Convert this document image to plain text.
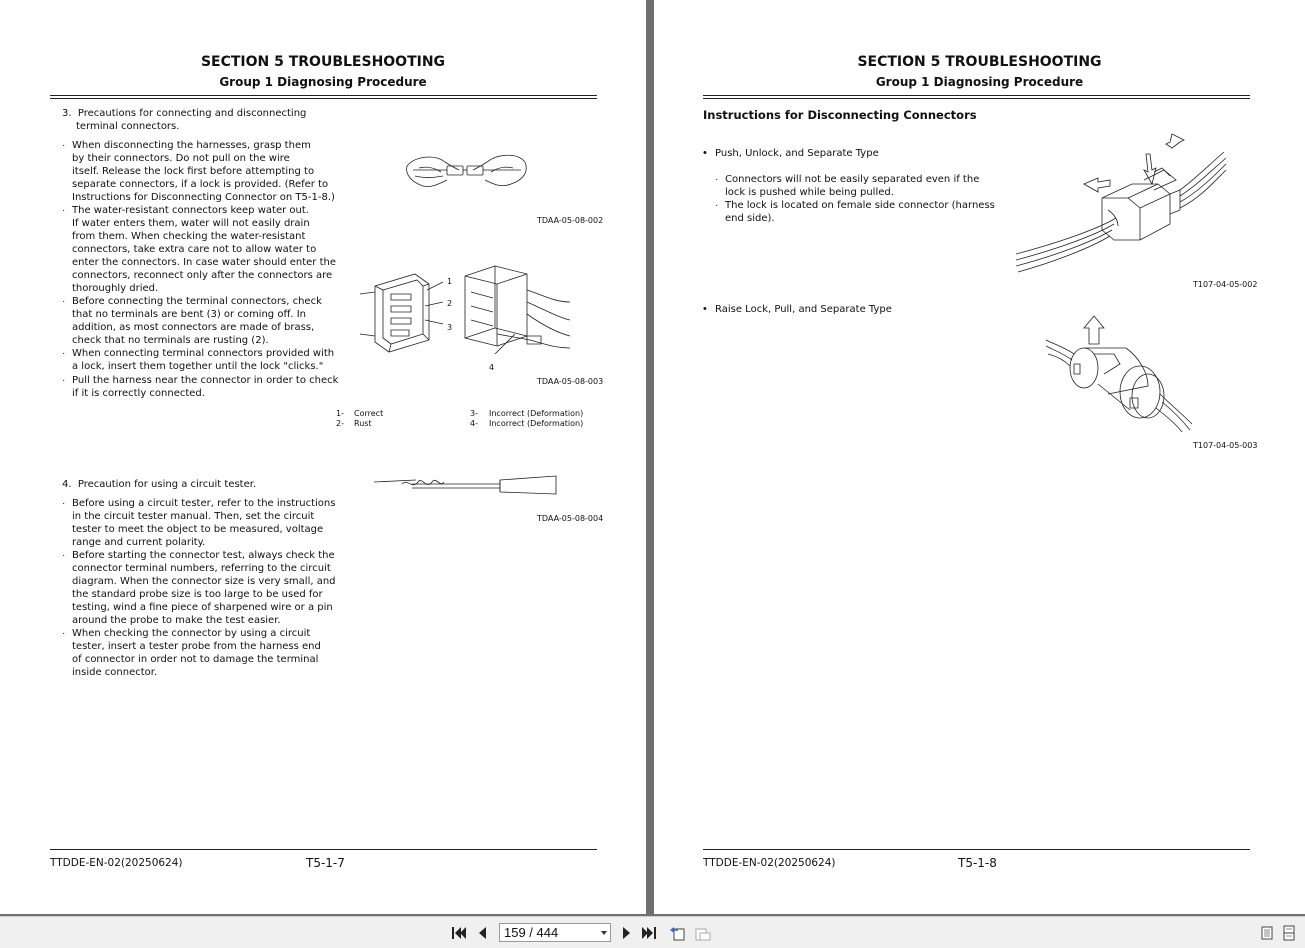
SECTION 5 TROUBLESHOOTING
Group 1 Diagnosing Procedure
3.  Precautions for connecting and disconnecting
terminal connectors.
· When disconnecting the harnesses, grasp them
by their connectors. Do not pull on the wire
itself. Release the lock first before attempting to
separate connectors, if a lock is provided. (Refer to
Instructions for Disconnecting Connector on T5-1-8.)
· The water-resistant connectors keep water out.
If water enters them, water will not easily drain
from them. When checking the water-resistant
connectors, take extra care not to allow water to
enter the connectors. In case water should enter the
connectors, reconnect only after the connectors are
thoroughly dried.
· Before connecting the terminal connectors, check
that no terminals are bent (3) or coming off. In
addition, as most connectors are made of brass,
check that no terminals are rusting (2).
· When connecting terminal connectors provided with
a lock, insert them together until the lock "clicks."
· Pull the harness near the connector in order to check
if it is correctly connected.
TDAA-05-08-002
1
2
3
4
TDAA-05-08-003
1- Correct
2- Rust
3- Incorrect (Deformation)
4- Incorrect (Deformation)
4.  Precaution for using a circuit tester.
· Before using a circuit tester, refer to the instructions
in the circuit tester manual. Then, set the circuit
tester to meet the object to be measured, voltage
range and current polarity.
· Before starting the connector test, always check the
connector terminal numbers, referring to the circuit
diagram. When the connector size is very small, and
the standard probe size is too large to be used for
testing, wind a fine piece of sharpened wire or a pin
around the probe to make the test easier.
· When checking the connector by using a circuit
tester, insert a tester probe from the harness end
of connector in order not to damage the terminal
inside connector.
TDAA-05-08-004
TTDDE-EN-02(20250624)	T5-1-7
SECTION 5 TROUBLESHOOTING
Group 1 Diagnosing Procedure
Instructions for Disconnecting Connectors
• Push, Unlock, and Separate Type
· Connectors will not be easily separated even if the
lock is pushed while being pulled.
· The lock is located on female side connector (harness
end side).
T107-04-05-002
• Raise Lock, Pull, and Separate Type
T107-04-05-003
TTDDE-EN-02(20250624)	T5-1-8
159 / 444
